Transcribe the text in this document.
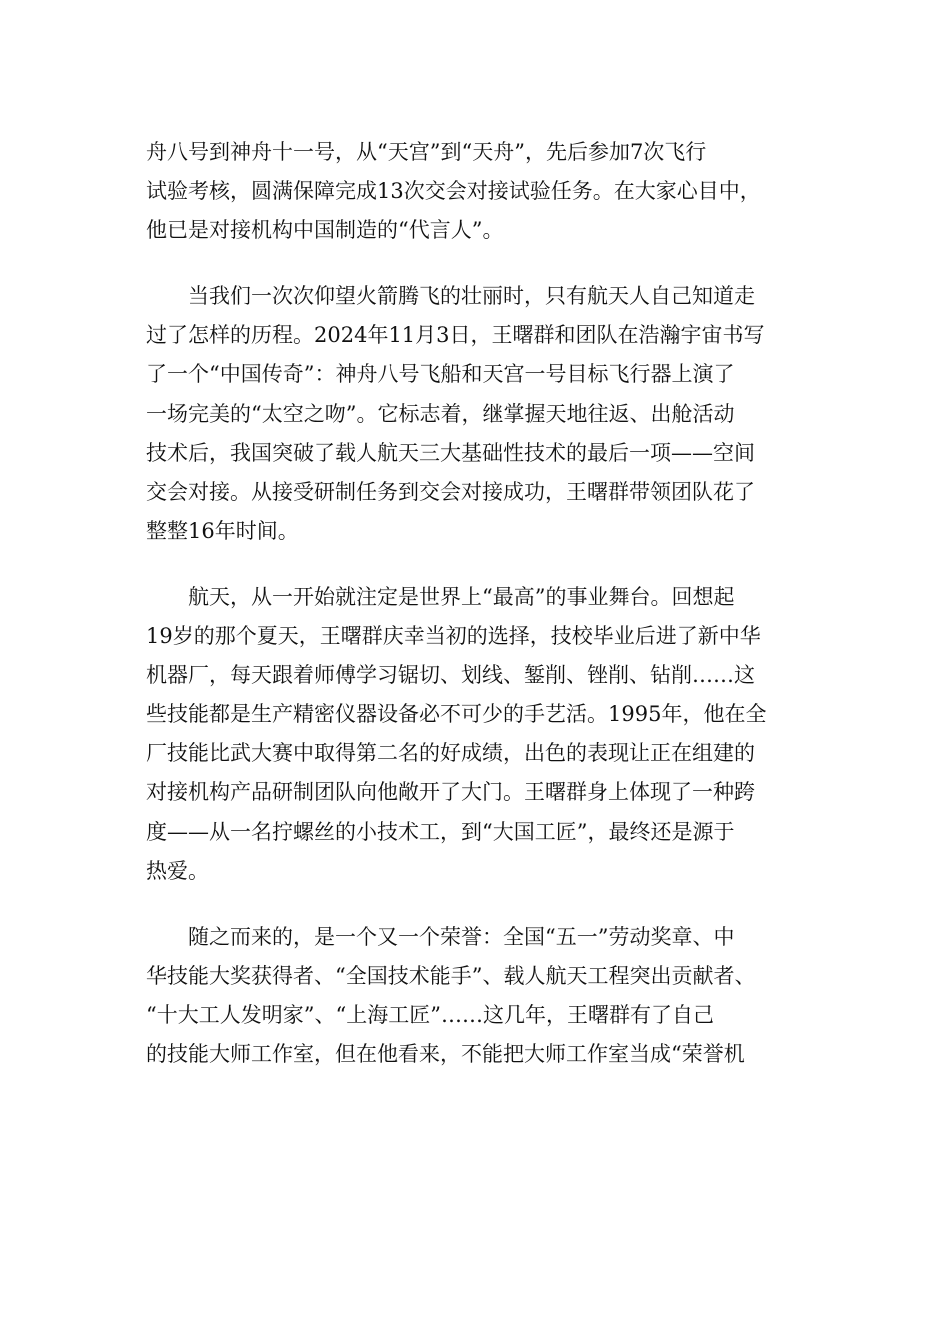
舟八号到神舟十一号，从“天宫”到“天舟”，先后参加7次飞行
试验考核，圆满保障完成13次交会对接试验任务。在大家心目中，
他已是对接机构中国制造的“代言人”。
当我们一次次仰望火箭腾飞的壮丽时，只有航天人自己知道走
过了怎样的历程。2024年11月3日，王曙群和团队在浩瀚宇宙书写
了一个“中国传奇”：神舟八号飞船和天宫一号目标飞行器上演了
一场完美的“太空之吻”。它标志着，继掌握天地往返、出舱活动
技术后，我国突破了载人航天三大基础性技术的最后一项——空间
交会对接。从接受研制任务到交会对接成功，王曙群带领团队花了
整整16年时间。
航天，从一开始就注定是世界上“最高”的事业舞台。回想起
19岁的那个夏天，王曙群庆幸当初的选择，技校毕业后进了新中华
机器厂，每天跟着师傅学习锯切、划线、錾削、锉削、钻削……这
些技能都是生产精密仪器设备必不可少的手艺活。1995年，他在全
厂技能比武大赛中取得第二名的好成绩，出色的表现让正在组建的
对接机构产品研制团队向他敞开了大门。王曙群身上体现了一种跨
度——从一名拧螺丝的小技术工，到“大国工匠”，最终还是源于
热爱。
随之而来的，是一个又一个荣誉：全国“五一”劳动奖章、中
华技能大奖获得者、“全国技术能手”、载人航天工程突出贡献者、
“十大工人发明家”、“上海工匠”……这几年，王曙群有了自己
的技能大师工作室，但在他看来，不能把大师工作室当成“荣誉机
